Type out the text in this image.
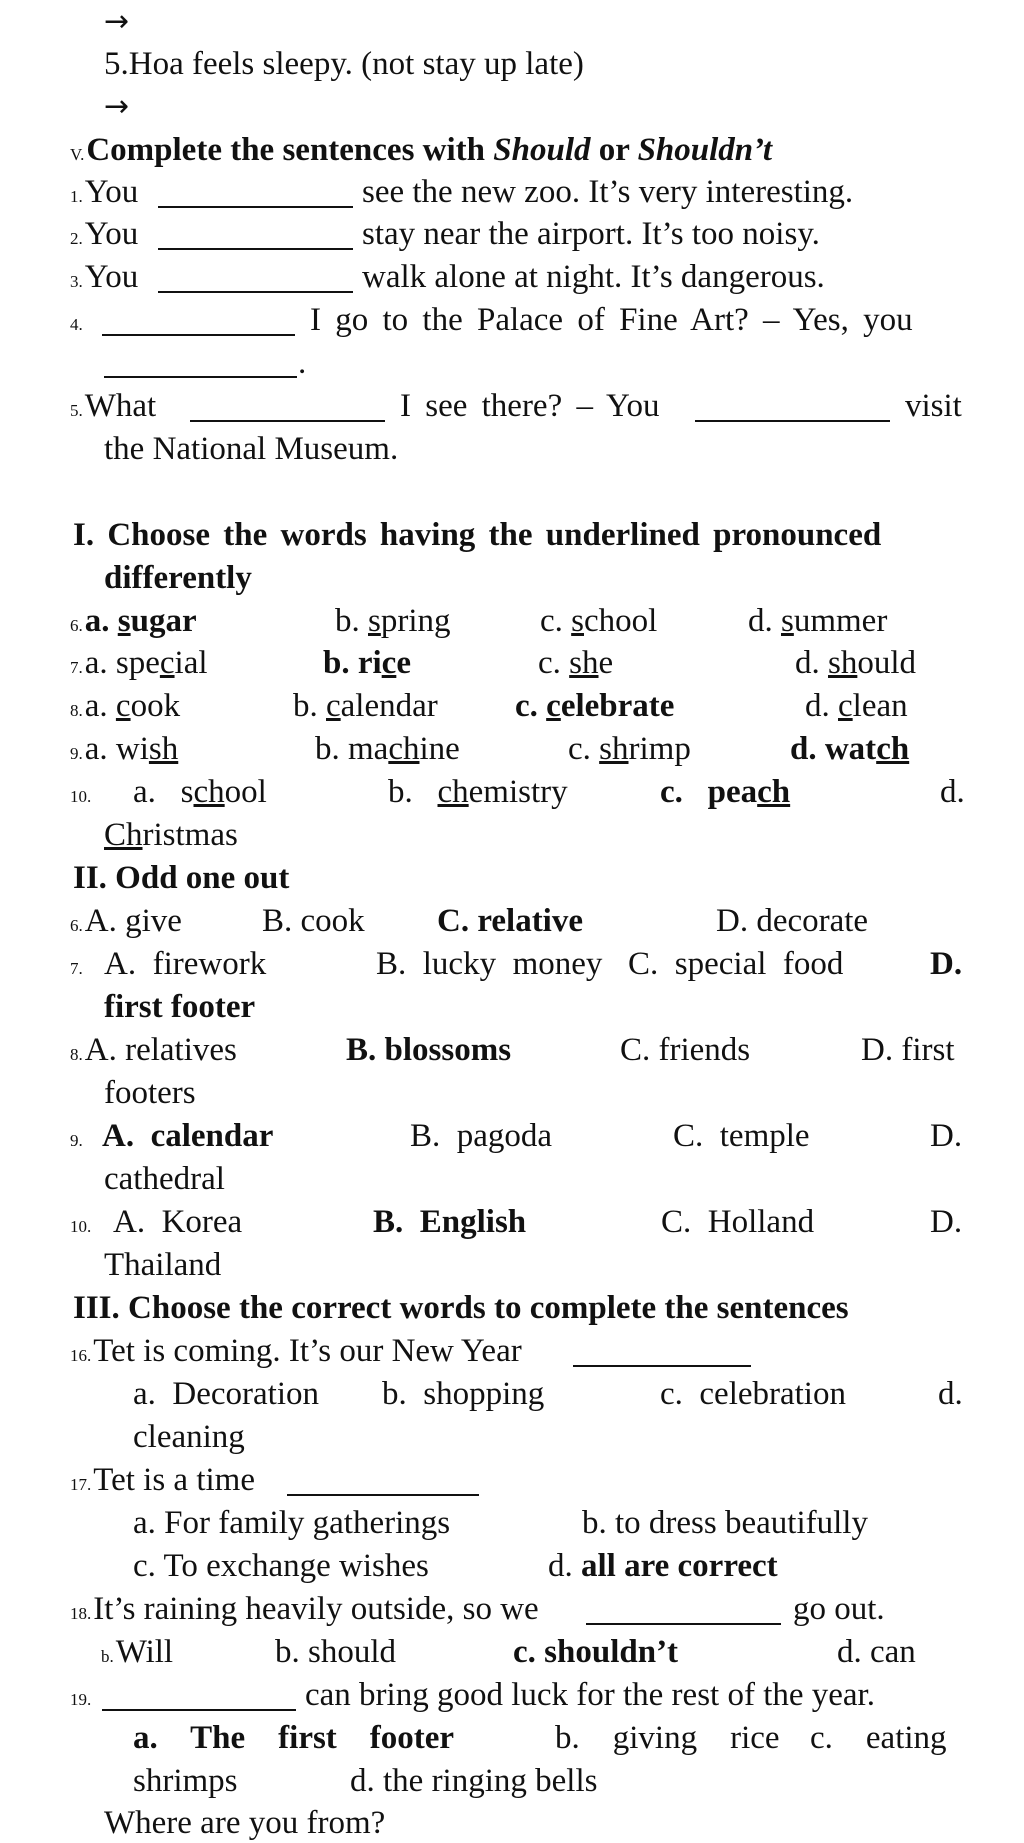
→
5.Hoa feels sleepy. (not stay up late)
→
V.Complete the sentences with Should or Shouldn’t
1.You	see the new zoo. It’s very interesting.
2.You	stay near the airport. It’s too noisy.
3.You	walk alone at night. It’s dangerous.
4.	I go to the Palace of Fine Art? – Yes, you
.
5.What	I see there? – You	visit
the National Museum.
I. Choose the words having the underlined pronounced
differently
6.a. sugar	b. spring	c. school	d. summer
7.a. special	b. rice	c. she	d. should
8.a. cook	b. calendar c. celebrate	d. clean
9.a. wish	b. machine	c. shrimp	d. watch
10. a.   school	b.   chemistry	c.   peach	d.
Christmas
II. Odd one out
6.A. give B. cook C. relative	D. decorate
7. A.  firework	B.  lucky  money C.  special  food	D.
first footer
8.A. relatives	B. blossoms	C. friends	D. first
footers
9. A.  calendar	B.  pagoda	C.  temple	D.
cathedral
10. A.  Korea	B.  English	C.  Holland	D.
Thailand
III. Choose the correct words to complete the sentences
16.Tet is coming. It’s our New Year
a.  Decoration b.  shopping	c.  celebration	d.
cleaning
17.Tet is a time
a. For family gatherings	b. to dress beautifully
c. To exchange wishes	d. all are correct
18.It’s raining heavily outside, so we	go out.
b.Will	b. should	c. shouldn’t	d. can
19.	can bring good luck for the rest of the year.
a.    The    first    footer	b.    giving    rice c.    eating
shrimps	d. the ringing bells
Where are you from?
